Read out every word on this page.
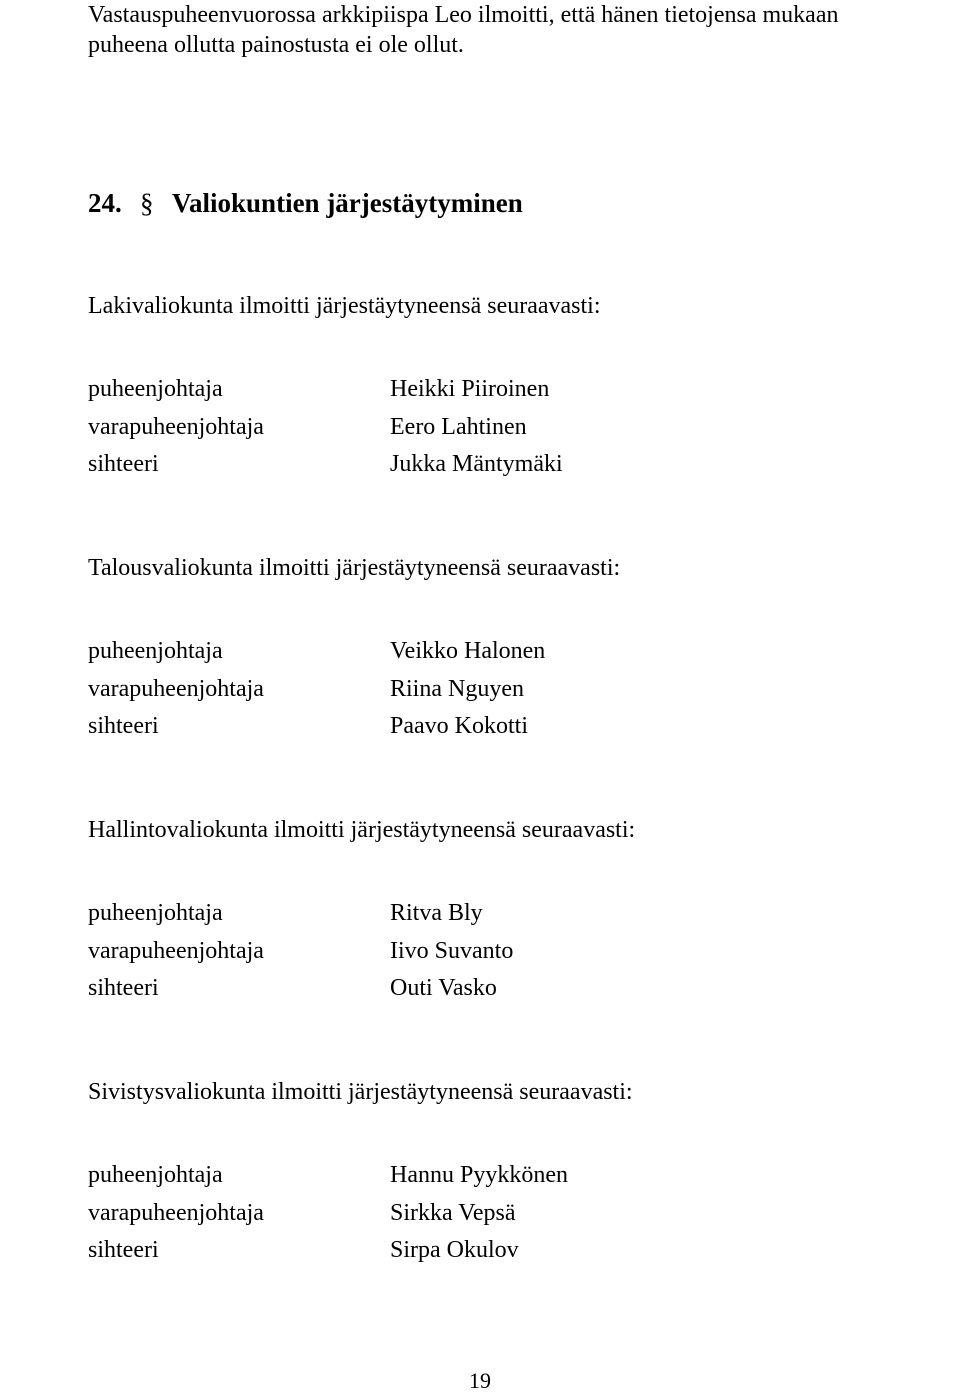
Vastauspuheenvuorossa arkkipiispa Leo ilmoitti, että hänen tietojensa mukaan
puheena ollutta painostusta ei ole ollut.
24. § Valiokuntien järjestäytyminen
Lakivaliokunta ilmoitti järjestäytyneensä seuraavasti:
puheenjohtaja	Heikki Piiroinen
varapuheenjohtaja	Eero Lahtinen
sihteeri	Jukka Mäntymäki
Talousvaliokunta ilmoitti järjestäytyneensä seuraavasti:
puheenjohtaja	Veikko Halonen
varapuheenjohtaja	Riina Nguyen
sihteeri	Paavo Kokotti
Hallintovaliokunta ilmoitti järjestäytyneensä seuraavasti:
puheenjohtaja	Ritva Bly
varapuheenjohtaja	Iivo Suvanto
sihteeri	Outi Vasko
Sivistysvaliokunta ilmoitti järjestäytyneensä seuraavasti:
puheenjohtaja	Hannu Pyykkönen
varapuheenjohtaja	Sirkka Vepsä
sihteeri	Sirpa Okulov
19
